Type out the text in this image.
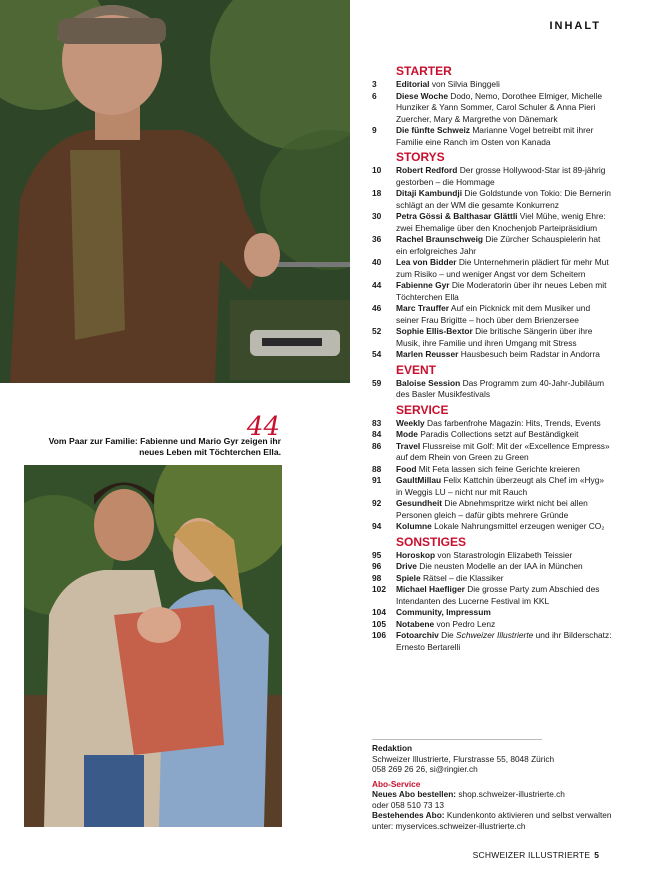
44
Vom Paar zur Familie: Fabienne und Mario Gyr zeigen ihr neues Leben mit Töchterchen Ella.
INHALT
STARTER
3	Editorial von Silvia Binggeli
6	Diese Woche Dodo, Nemo, Dorothee Elmiger, Michelle Hunziker & Yann Sommer, Carol Schuler & Anna Pieri Zuercher, Mary & Margrethe von Dänemark
9	Die fünfte Schweiz Marianne Vogel betreibt mit ihrer Familie eine Ranch im Osten von Kanada
STORYS
10	Robert Redford Der grosse Hollywood-Star ist 89-jährig gestorben – die Hommage
18	Ditaji Kambundji Die Goldstunde von Tokio: Die Bernerin schlägt an der WM die gesamte Konkurrenz
30	Petra Gössi & Balthasar Glättli Viel Mühe, wenig Ehre: zwei Ehemalige über den Knochenjob Parteipräsidium
36	Rachel Braunschweig Die Zürcher Schauspielerin hat ein erfolgreiches Jahr
40	Lea von Bidder Die Unternehmerin plädiert für mehr Mut zum Risiko – und weniger Angst vor dem Scheitern
44	Fabienne Gyr Die Moderatorin über ihr neues Leben mit Töchterchen Ella
46	Marc Trauffer Auf ein Picknick mit dem Musiker und seiner Frau Brigitte – hoch über dem Brienzersee
52	Sophie Ellis-Bextor Die britische Sängerin über ihre Musik, ihre Familie und ihren Umgang mit Stress
54	Marlen Reusser Hausbesuch beim Radstar in Andorra
EVENT
59	Baloise Session Das Programm zum 40-Jahr-Jubiläum des Basler Musikfestivals
SERVICE
83	Weekly Das farbenfrohe Magazin: Hits, Trends, Events
84	Mode Paradis Collections setzt auf Beständigkeit
86	Travel Flussreise mit Golf: Mit der «Excellence Empress» auf dem Rhein von Green zu Green
88	Food Mit Feta lassen sich feine Gerichte kreieren
91	GaultMillau Felix Kattchin überzeugt als Chef im «Hyg» in Weggis LU – nicht nur mit Rauch
92	Gesundheit Die Abnehmspritze wirkt nicht bei allen Personen gleich – dafür gibts mehrere Gründe
94	Kolumne Lokale Nahrungsmittel erzeugen weniger CO₂
SONSTIGES
95	Horoskop von Starastrologin Elizabeth Teissier
96	Drive Die neusten Modelle an der IAA in München
98	Spiele Rätsel – die Klassiker
102	Michael Haefliger Die grosse Party zum Abschied des Intendanten des Lucerne Festival im KKL
104	Community, Impressum
105	Notabene von Pedro Lenz
106	Fotoarchiv Die Schweizer Illustrierte und ihr Bilderschatz: Ernesto Bertarelli
Redaktion
Schweizer Illustrierte, Flurstrasse 55, 8048 Zürich
058 269 26 26, si@ringier.ch
Abo-Service
Neues Abo bestellen: shop.schweizer-illustrierte.ch
oder 058 510 73 13
Bestehendes Abo: Kundenkonto aktivieren und selbst verwalten unter: myservices.schweizer-illustrierte.ch
SCHWEIZER ILLUSTRIERTE 5
